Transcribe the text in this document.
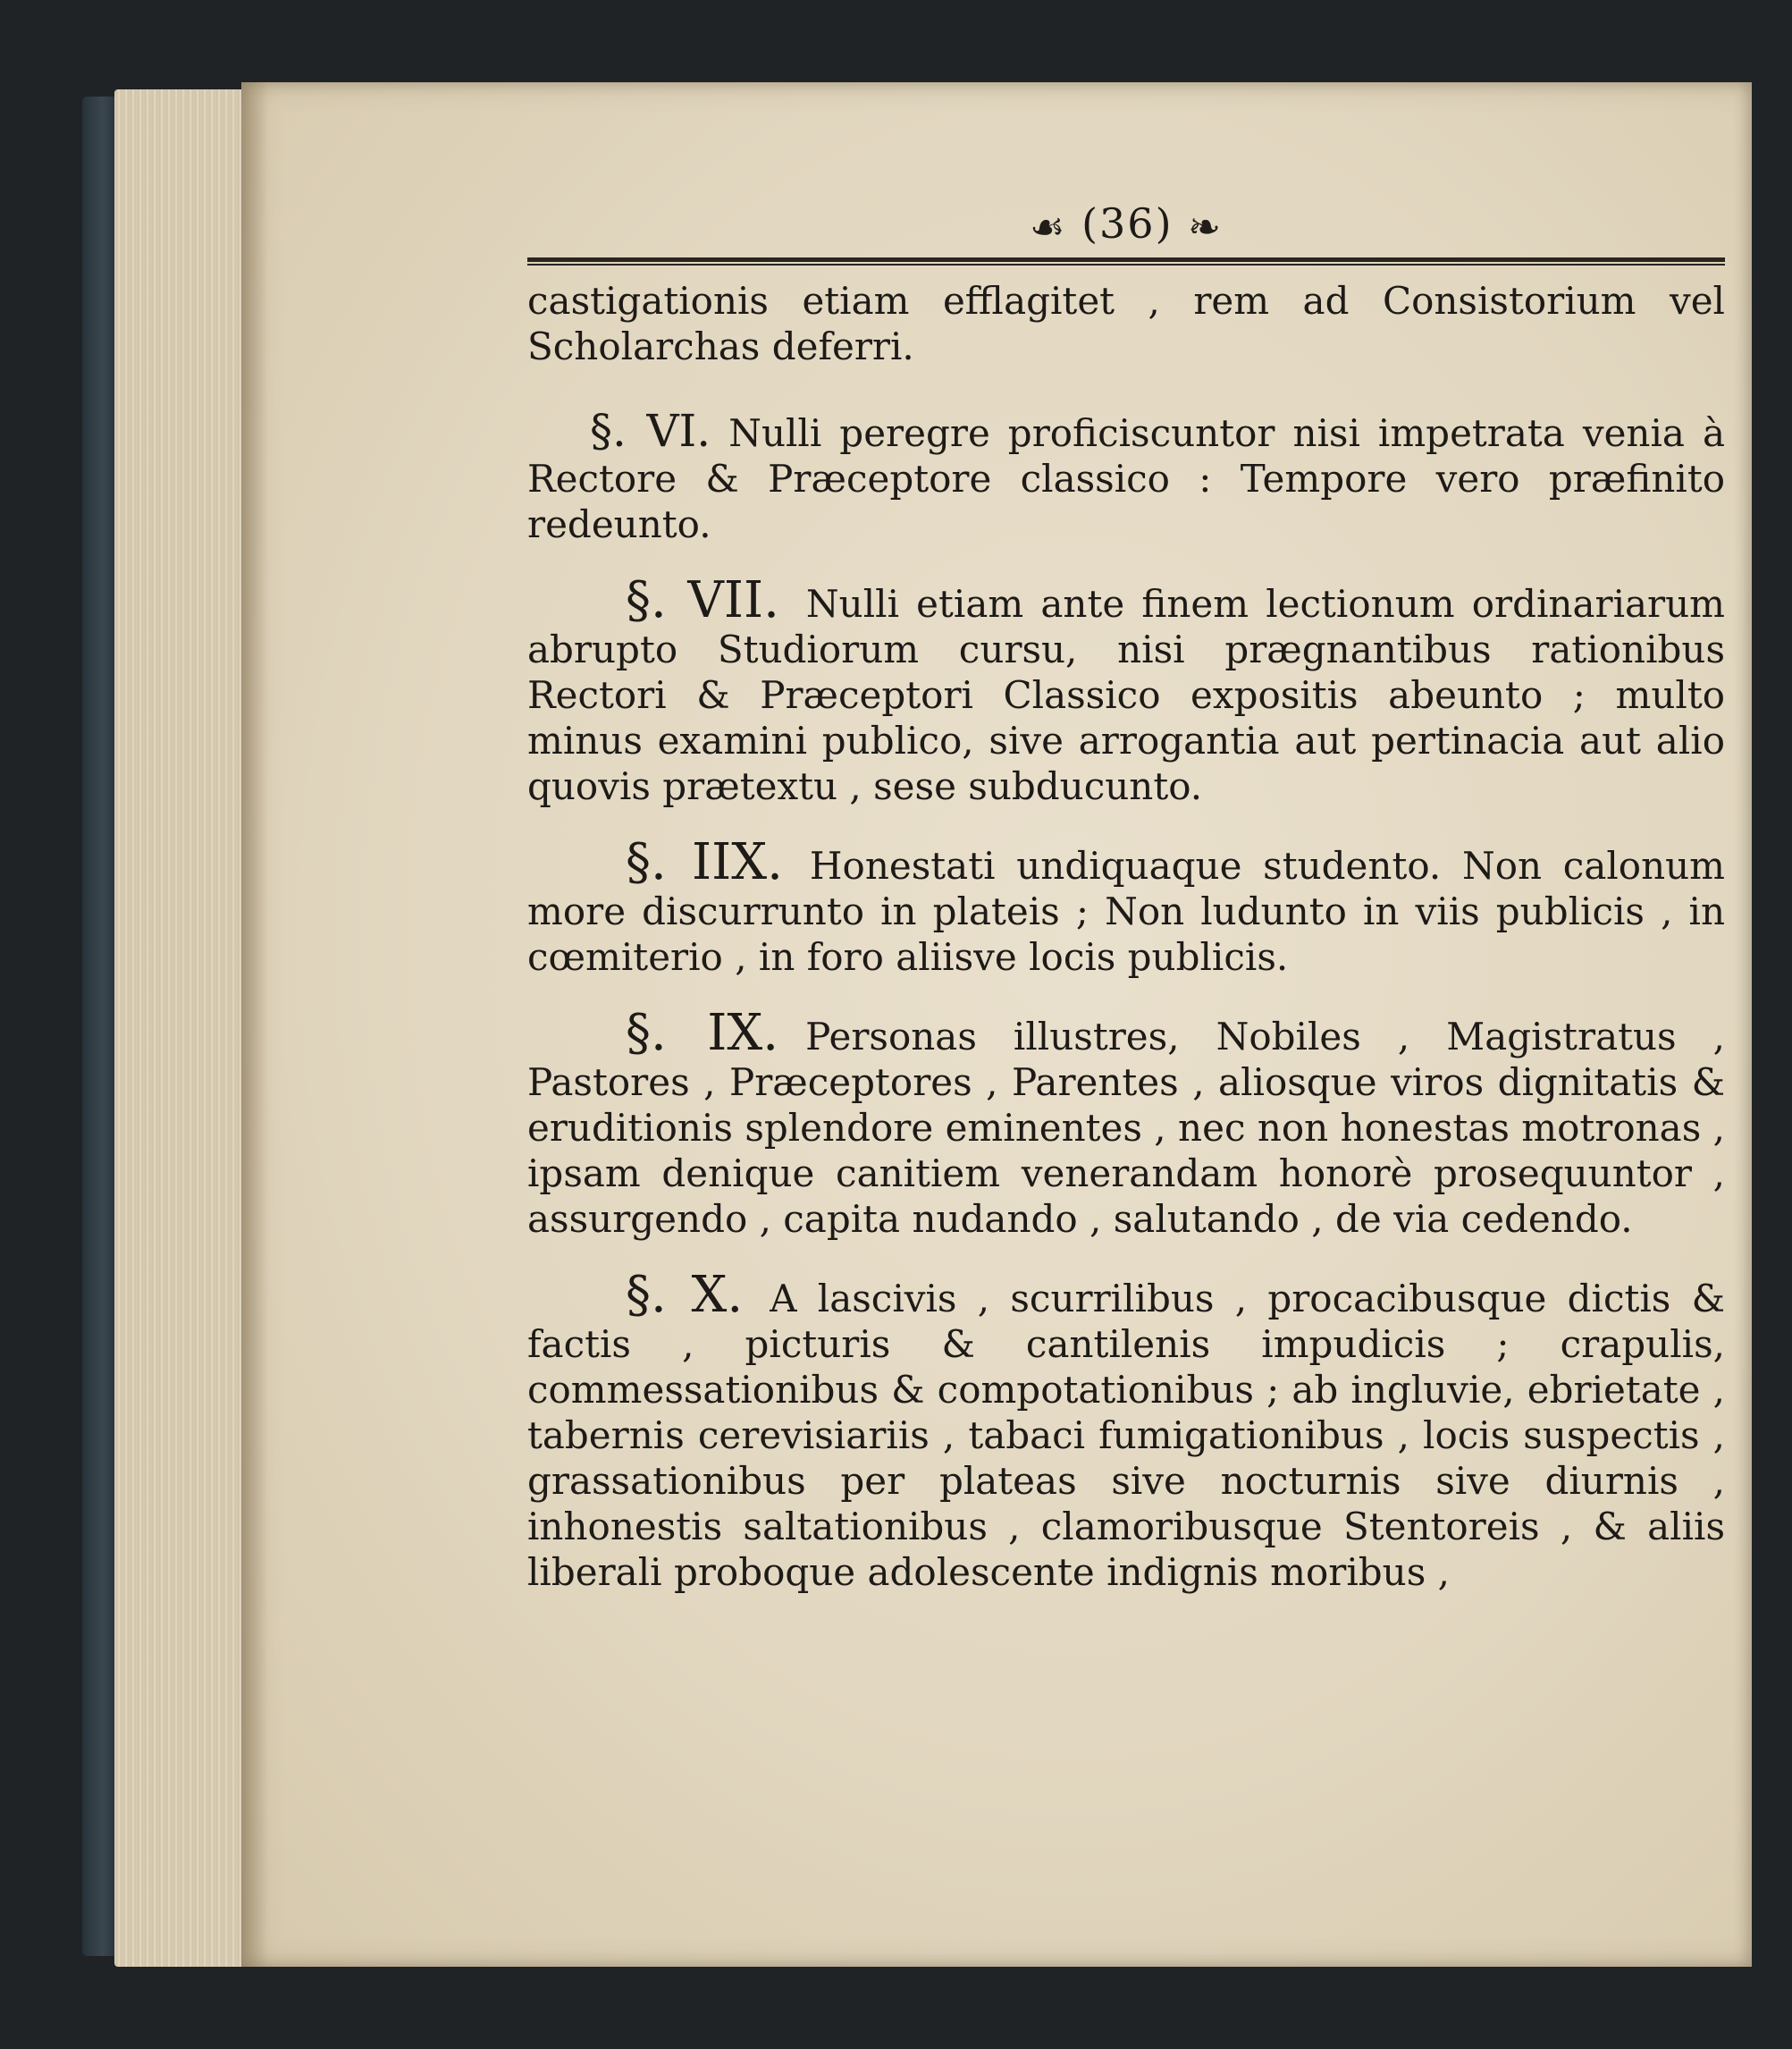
☙ (36) ❧

castigationis etiam efflagitet , rem ad Consistorium vel Scholarchas deferri.

§. VI. Nulli peregre proficiscuntor nisi impetrata venia à Rectore & Præceptore classico : Tempore vero præfinito redeunto.

§. VII. Nulli etiam ante finem lectionum ordinariarum abrupto Studiorum cursu, nisi prægnantibus rationibus Rectori & Præceptori Classico expositis abeunto ; multo minus examini publico, sive arrogantia aut pertinacia aut alio quovis prætextu , sese subducunto.

§. IIX. Honestati undiquaque studento. Non calonum more discurrunto in plateis ; Non ludunto in viis publicis , in cœmiterio , in foro aliisve locis publicis.

§. IX. Personas illustres, Nobiles , Magistratus , Pastores , Præceptores , Parentes , aliosque viros dignitatis & eruditionis splendore eminentes , nec non honestas motronas , ipsam denique canitiem venerandam honorè prosequuntor , assurgendo , capita nudando , salutando , de via cedendo.

§. X. A lascivis , scurrilibus , procacibusque dictis & factis , picturis & cantilenis impudicis ; crapulis, commessationibus & compotationibus ; ab ingluvie, ebrietate , tabernis cerevisiariis , tabaci fumigationibus , locis suspectis , grassationibus per plateas sive nocturnis sive diurnis , inhonestis saltationibus , clamoribusque Stentoreis , & aliis liberali proboque adolescente indignis moribus ,
